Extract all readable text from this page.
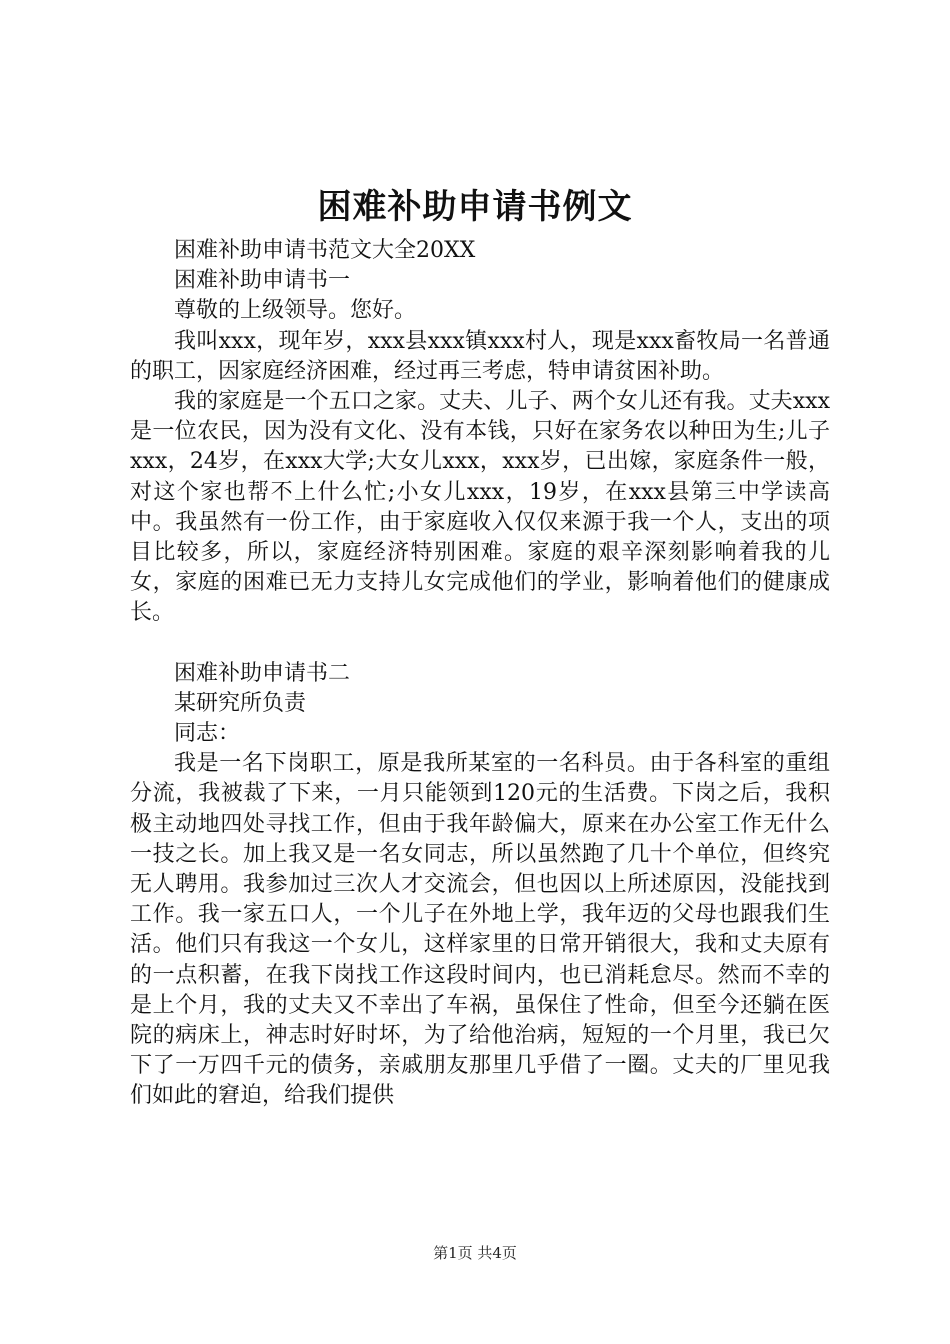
困难补助申请书例文

困难补助申请书范文大全20XX

困难补助申请书一

尊敬的上级领导。您好。

我叫xxx，现年岁，xxx县xxx镇xxx村人，现是xxx畜牧局一名普通的职工，因家庭经济困难，经过再三考虑，特申请贫困补助。

我的家庭是一个五口之家。丈夫、儿子、两个女儿还有我。丈夫xxx是一位农民，因为没有文化、没有本钱，只好在家务农以种田为生;儿子xxx，24岁，在xxx大学;大女儿xxx，xxx岁，已出嫁，家庭条件一般，对这个家也帮不上什么忙;小女儿xxx，19岁，在xxx县第三中学读高中。我虽然有一份工作，由于家庭收入仅仅来源于我一个人，支出的项目比较多，所以，家庭经济特别困难。家庭的艰辛深刻影响着我的儿女，家庭的困难已无力支持儿女完成他们的学业，影响着他们的健康成长。

困难补助申请书二

某研究所负责

同志：

我是一名下岗职工，原是我所某室的一名科员。由于各科室的重组分流，我被裁了下来，一月只能领到120元的生活费。下岗之后，我积极主动地四处寻找工作，但由于我年龄偏大，原来在办公室工作无什么一技之长。加上我又是一名女同志，所以虽然跑了几十个单位，但终究无人聘用。我参加过三次人才交流会，但也因以上所述原因，没能找到工作。我一家五口人，一个儿子在外地上学，我年迈的父母也跟我们生活。他们只有我这一个女儿，这样家里的日常开销很大，我和丈夫原有的一点积蓄，在我下岗找工作这段时间内，也已消耗怠尽。然而不幸的是上个月，我的丈夫又不幸出了车祸，虽保住了性命，但至今还躺在医院的病床上，神志时好时坏，为了给他治病，短短的一个月里，我已欠下了一万四千元的债务，亲戚朋友那里几乎借了一圈。丈夫的厂里见我们如此的窘迫，给我们提供

第1页 共4页
